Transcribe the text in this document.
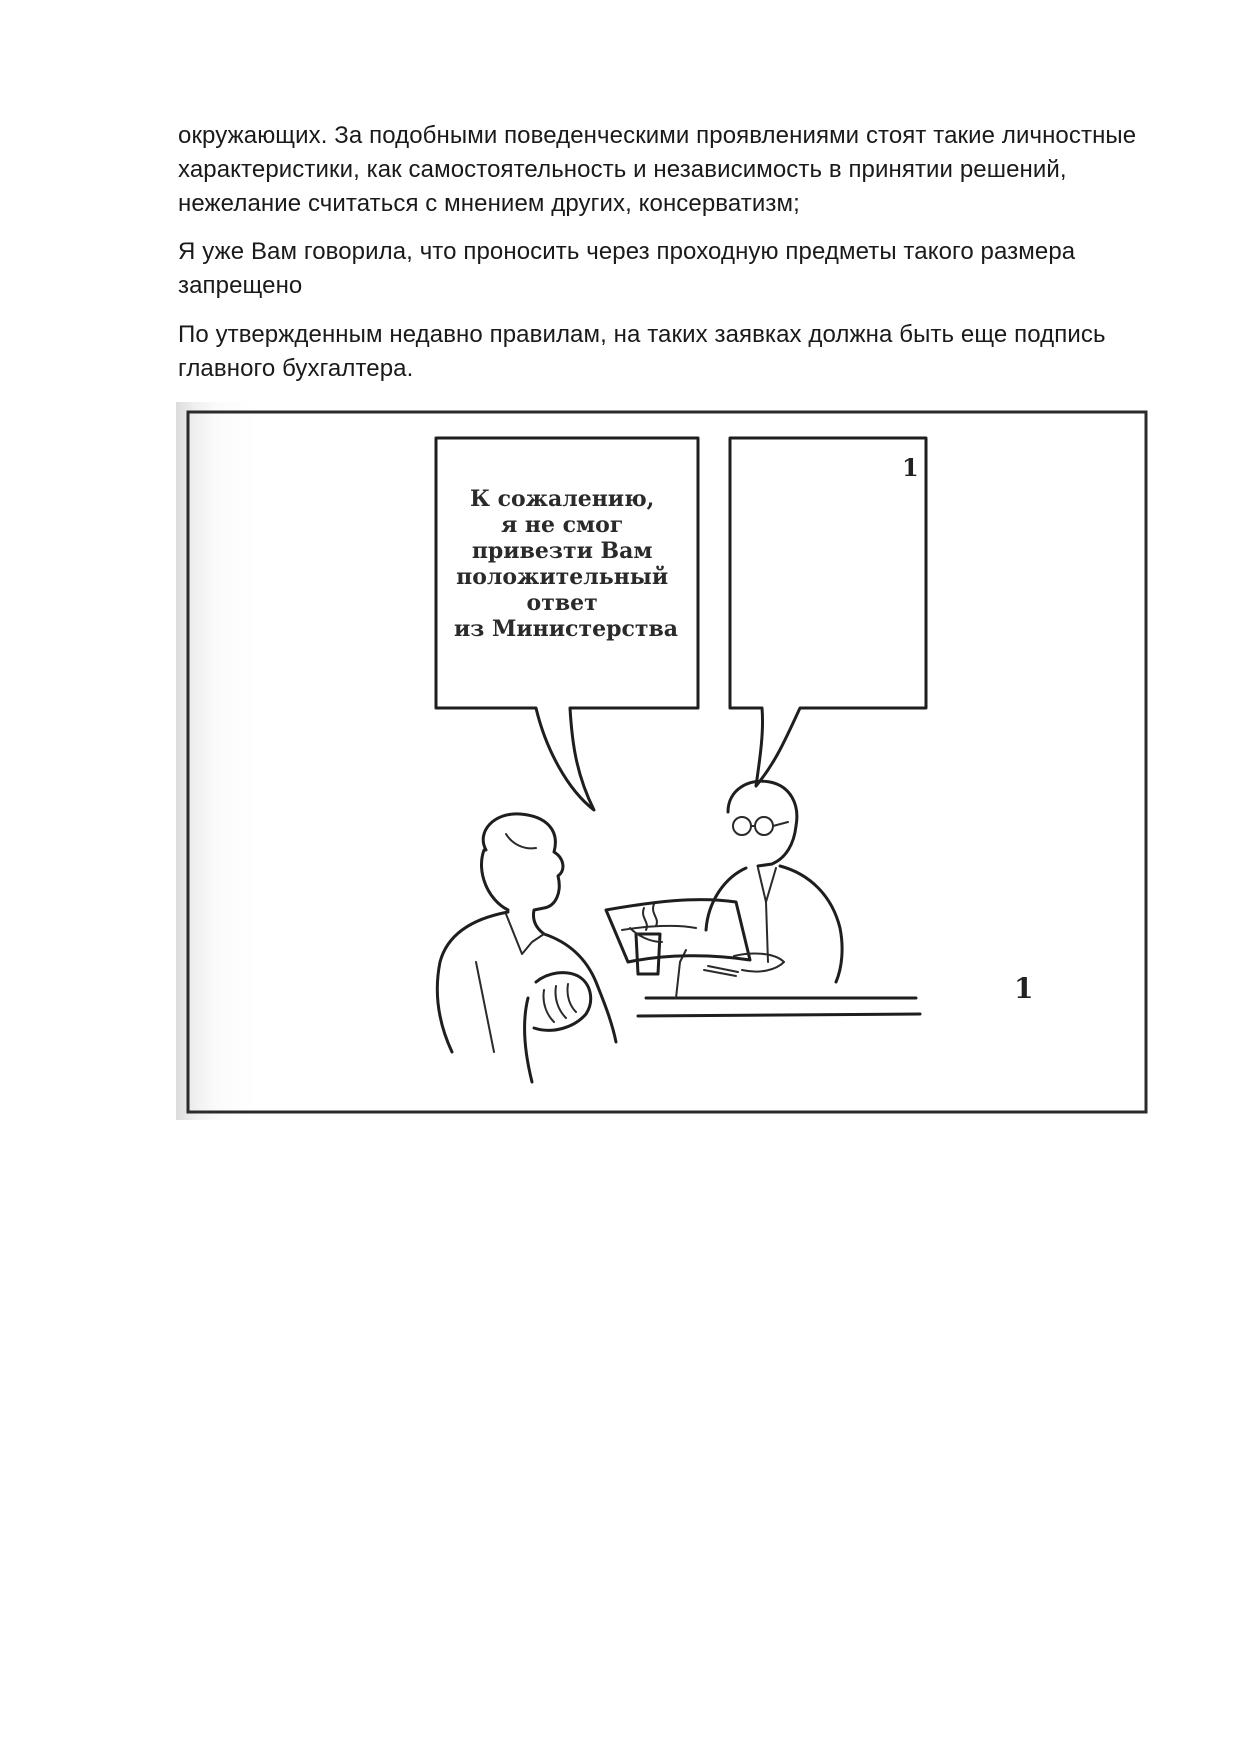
окружающих. За подобными поведенческими проявлениями стоят такие личностные характеристики, как самостоятельность и независимость в принятии решений, нежелание считаться с мнением других, консерватизм;

Я уже Вам говорила, что проносить через проходную предметы такого размера запрещено

По утвержденным недавно правилам, на таких заявках должна быть еще подпись главного бухгалтера.

К сожалению, я не смог привезти Вам положительный ответ из Министерства
1
1
